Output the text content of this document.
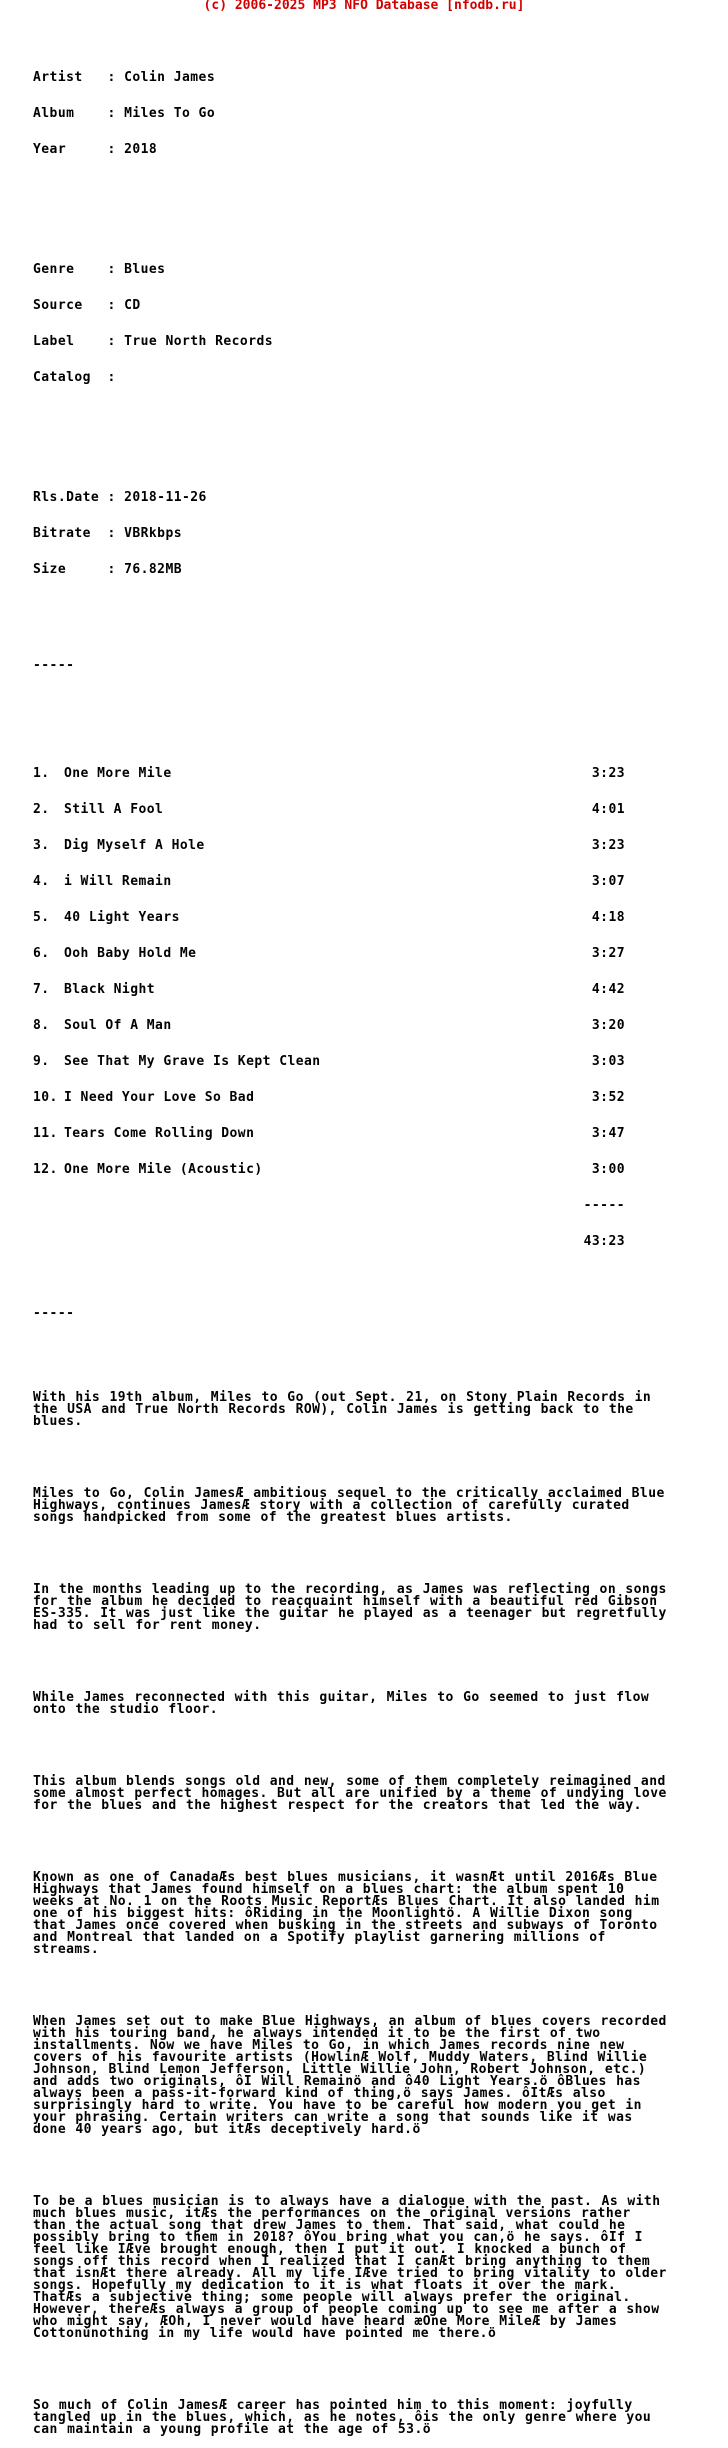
(c) 2006-2025 MP3 NFO Database [nfodb.ru]

Artist   : Colin James

Album    : Miles To Go

Year     : 2018

Genre    : Blues

Source   : CD

Label    : True North Records

Catalog  :

Rls.Date : 2018-11-26

Bitrate  : VBRkbps

Size     : 76.82MB

-----

1. One More Mile	3:23

2. Still A Fool	4:01

3. Dig Myself A Hole	3:23

4. i Will Remain	3:07

5. 40 Light Years	4:18

6. Ooh Baby Hold Me	3:27

7. Black Night	4:42

8. Soul Of A Man	3:20

9. See That My Grave Is Kept Clean	3:03

10. I Need Your Love So Bad	3:52

11. Tears Come Rolling Down	3:47

12. One More Mile (Acoustic)	3:00

-----

43:23

-----

With his 19th album, Miles to Go (out Sept. 21, on Stony Plain Records in the USA and True North Records ROW), Colin James is getting back to the blues.

Miles to Go, Colin JamesÆ ambitious sequel to the critically acclaimed Blue Highways, continues JamesÆ story with a collection of carefully curated songs handpicked from some of the greatest blues artists.

In the months leading up to the recording, as James was reflecting on songs for the album he decided to reacquaint himself with a beautiful red Gibson ES-335. It was just like the guitar he played as a teenager but regretfully had to sell for rent money.

While James reconnected with this guitar, Miles to Go seemed to just flow onto the studio floor.

This album blends songs old and new, some of them completely reimagined and some almost perfect homages. But all are unified by a theme of undying love for the blues and the highest respect for the creators that led the way.

Known as one of CanadaÆs best blues musicians, it wasnÆt until 2016Æs Blue Highways that James found himself on a blues chart: the album spent 10 weeks at No. 1 on the Roots Music ReportÆs Blues Chart. It also landed him one of his biggest hits: ôRiding in the Moonlightö. A Willie Dixon song that James once covered when busking in the streets and subways of Toronto and Montreal that landed on a Spotify playlist garnering millions of streams.

When James set out to make Blue Highways, an album of blues covers recorded with his touring band, he always intended it to be the first of two installments. Now we have Miles to Go, in which James records nine new covers of his favourite artists (HowlinÆ Wolf, Muddy Waters, Blind Willie Johnson, Blind Lemon Jefferson, Little Willie John, Robert Johnson, etc.) and adds two originals, ôI Will Remainö and ô40 Light Years.ö ôBlues has always been a pass-it-forward kind of thing,ö says James. ôItÆs also surprisingly hard to write. You have to be careful how modern you get in your phrasing. Certain writers can write a song that sounds like it was done 40 years ago, but itÆs deceptively hard.ö

To be a blues musician is to always have a dialogue with the past. As with much blues music, itÆs the performances on the original versions rather than the actual song that drew James to them. That said, what could he possibly bring to them in 2018? ôYou bring what you can,ö he says. ôIf I feel like IÆve brought enough, then I put it out. I knocked a bunch of songs off this record when I realized that I canÆt bring anything to them that isnÆt there already. All my life IÆve tried to bring vitality to older songs. Hopefully my dedication to it is what floats it over the mark. ThatÆs a subjective thing; some people will always prefer the original. However, thereÆs always a group of people coming up to see me after a show who might say, ÆOh, I never would have heard æOne More MileÆ by James Cottonùnothing in my life would have pointed me there.ö

So much of Colin JamesÆ career has pointed him to this moment: joyfully tangled up in the blues, which, as he notes, ôis the only genre where you can maintain a young profile at the age of 53.ö
